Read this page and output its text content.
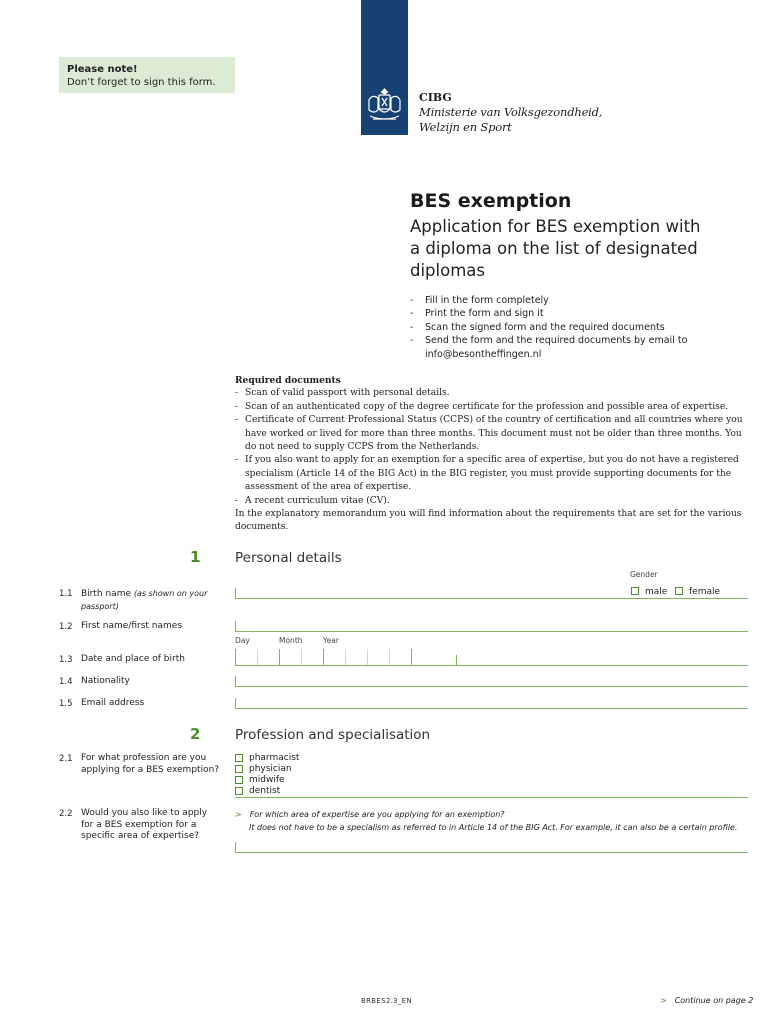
Please note!
Don’t forget to sign this form.
CIBG
Ministerie van Volksgezondheid,
Welzijn en Sport
BES exemption
Application for BES exemption with a diploma on the list of designated diplomas
- Fill in the form completely
- Print the form and sign it
- Scan the signed form and the required documents
- Send the form and the required documents by email to info@besontheffingen.nl
Required documents
- Scan of valid passport with personal details.
- Scan of an authenticated copy of the degree certificate for the profession and possible area of expertise.
- Certificate of Current Professional Status (CCPS) of the country of certification and all countries where you have worked or lived for more than three months. This document must not be older than three months. You do not need to supply CCPS from the Netherlands.
- If you also want to apply for an exemption for a specific area of expertise, but you do not have a registered specialism (Article 14 of the BIG Act) in the BIG register, you must provide supporting documents for the assessment of the area of expertise.
- A recent curriculum vitae (CV).
In the explanatory memorandum you will find information about the requirements that are set for the various documents.
1	Personal details
Gender
male female
1.1 Birth name (as shown on your passport)
1.2 First name/first names
Day	Month	Year
1.3 Date and place of birth
1.4 Nationality
1.5 Email address
2	Profession and specialisation
2.1 For what profession are you applying for a BES exemption?
pharmacist
physician
midwife
dentist
2.2 Would you also like to apply for a BES exemption for a specific area of expertise?
> For which area of expertise are you applying for an exemption?
It does not have to be a specialism as referred to in Article 14 of the BIG Act. For example, it can also be a certain profile.
BRBES2.3_EN	> Continue on page 2
